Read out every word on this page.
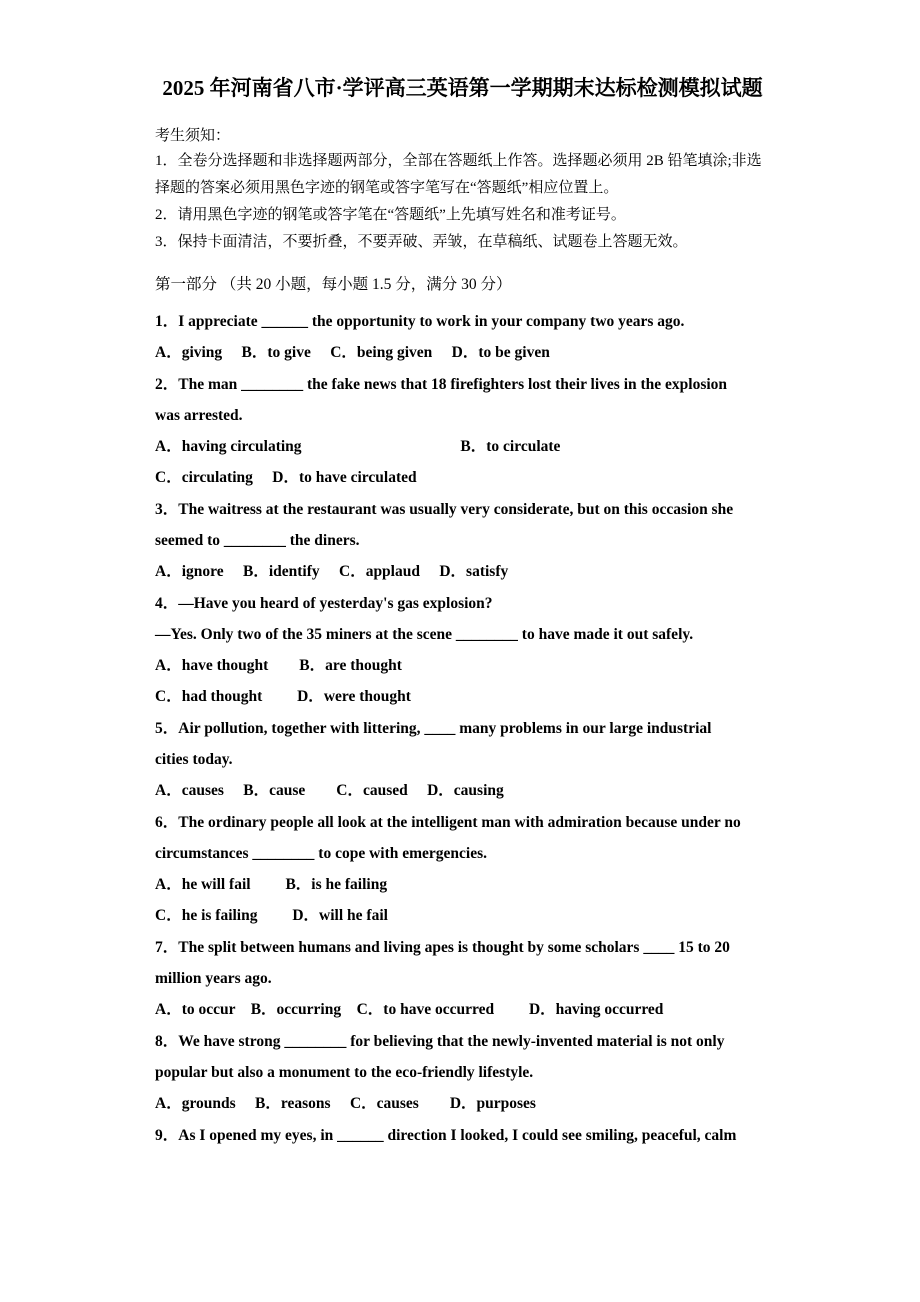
2025 年河南省八市·学评高三英语第一学期期末达标检测模拟试题

考生须知：

1．全卷分选择题和非选择题两部分，全部在答题纸上作答。选择题必须用 2B 铅笔填涂;非选择题的答案必须用黑色字迹的钢笔或答字笔写在“答题纸”相应位置上。

2．请用黑色字迹的钢笔或答字笔在“答题纸”上先填写姓名和准考证号。

3．保持卡面清洁，不要折叠，不要弄破、弄皱，在草稿纸、试题卷上答题无效。

第一部分 （共 20 小题，每小题 1.5 分，满分 30 分）

1．I appreciate ______ the opportunity to work in your company two years ago.

A．giving　 B．to give　 C．being given　 D．to be given

2．The man ________ the fake news that 18 firefighters lost their lives in the explosion

was arrested.

A．having circulating　　　　　　　　　　 B．to circulate

C．circulating　 D．to have circulated

3．The waitress at the restaurant was usually very considerate, but on this occasion she

seemed to ________ the diners.

A．ignore　 B．identify　 C．applaud　 D．satisfy

4．—Have you heard of yesterday's gas explosion?

—Yes. Only two of the 35 miners at the scene ________ to have made it out safely.

A．have thought　　B．are thought

C．had thought　　 D．were thought

5．Air pollution, together with littering, ____ many problems in our large industrial

cities today.

A．causes　 B．cause　　C．caused　 D．causing

6．The ordinary people all look at the intelligent man with admiration because under no

circumstances ________ to cope with emergencies.

A．he will fail　　 B．is he failing

C．he is failing　　 D．will he fail

7．The split between humans and living apes is thought by some scholars ____ 15 to 20

million years ago.

A．to occur　B．occurring　C．to have occurred　　 D．having occurred

8．We have strong ________ for believing that the newly-invented material is not only

popular but also a monument to the eco-friendly lifestyle.

A．grounds　 B．reasons　 C．causes　　D．purposes

9．As I opened my eyes, in ______ direction I looked, I could see smiling, peaceful, calm
